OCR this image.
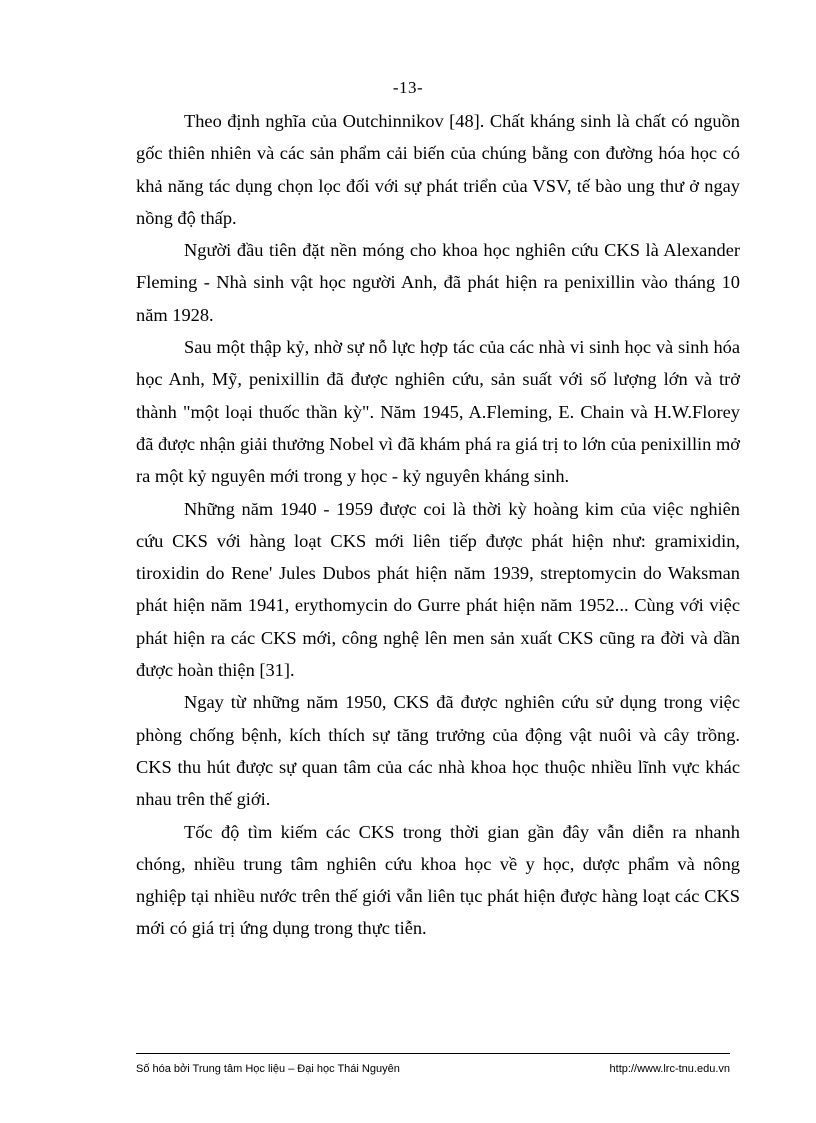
-13-

Theo định nghĩa của Outchinnikov [48]. Chất kháng sinh là chất có nguồn gốc thiên nhiên và các sản phẩm cải biến của chúng bằng con đường hóa học có khả năng tác dụng chọn lọc đối với sự phát triển của VSV, tế bào ung thư ở ngay nồng độ thấp.

Người đầu tiên đặt nền móng cho khoa học nghiên cứu CKS là Alexander Fleming - Nhà sinh vật học người Anh, đã phát hiện ra penixillin vào tháng 10 năm 1928.

Sau một thập kỷ, nhờ sự nỗ lực hợp tác của các nhà vi sinh học và sinh hóa học Anh, Mỹ, penixillin đã được nghiên cứu, sản suất với số lượng lớn và trở thành "một loại thuốc thần kỳ". Năm 1945, A.Fleming, E. Chain và H.W.Florey đã được nhận giải thưởng Nobel vì đã khám phá ra giá trị to lớn của penixillin mở ra một kỷ nguyên mới trong y học - kỷ nguyên kháng sinh.

Những năm 1940 - 1959 được coi là thời kỳ hoàng kim của việc nghiên cứu CKS với hàng loạt CKS mới liên tiếp được phát hiện như: gramixidin, tiroxidin do Rene' Jules Dubos phát hiện năm 1939, streptomycin do Waksman phát hiện năm 1941, erythomycin do Gurre phát hiện năm 1952... Cùng với việc phát hiện ra các CKS mới, công nghệ lên men sản xuất CKS cũng ra đời và dần được hoàn thiện [31].

Ngay từ những năm 1950, CKS đã được nghiên cứu sử dụng trong việc phòng chống bệnh, kích thích sự tăng trưởng của động vật nuôi và cây trồng. CKS thu hút được sự quan tâm của các nhà khoa học thuộc nhiều lĩnh vực khác nhau trên thế giới.

Tốc độ tìm kiếm các CKS trong thời gian gần đây vẫn diễn ra nhanh chóng, nhiều trung tâm nghiên cứu khoa học về y học, dược phẩm và nông nghiệp tại nhiều nước trên thế giới vẫn liên tục phát hiện được hàng loạt các CKS mới có giá trị ứng dụng trong thực tiễn.

Số hóa bởi Trung tâm Học liệu – Đại học Thái Nguyên	http://www.lrc-tnu.edu.vn
